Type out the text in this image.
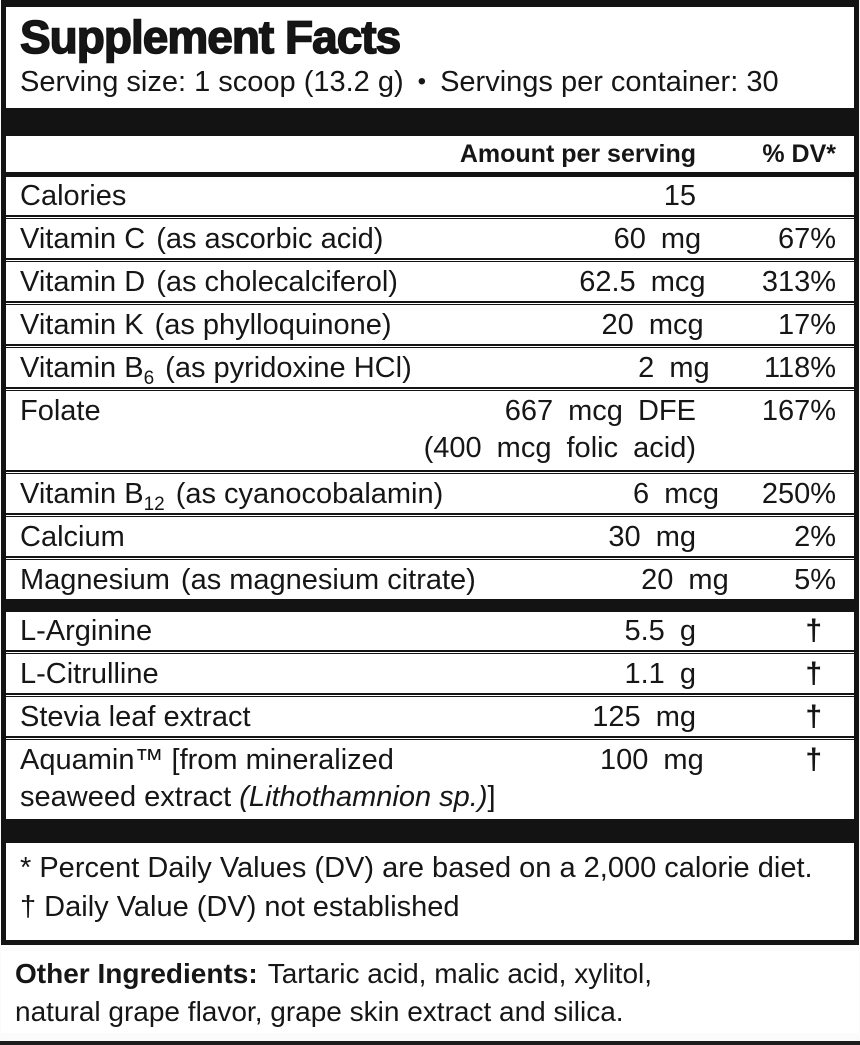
Supplement Facts
Serving size: 1 scoop (13.2 g) • Servings per container: 30
Amount per serving	% DV*
Calories	15
Vitamin C (as ascorbic acid)	60 mg	67%
Vitamin D (as cholecalciferol)	62.5 mcg	313%
Vitamin K (as phylloquinone)	20 mcg	17%
Vitamin $B_6$ (as pyridoxine HCl)	2 mg	118%
Folate	667 mcg DFE	167%
(400 mcg folic acid)
Vitamin $B_{12}$ (as cyanocobalamin)	6 mcg	250%
Calcium	30 mg	2%
Magnesium (as magnesium citrate)	20 mg	5%
L-Arginine	5.5 g	†
L-Citrulline	1.1 g	†
Stevia leaf extract	125 mg	†
Aquamin™ [from mineralized	100 mg	†
seaweed extract (Lithothamnion sp.)]
* Percent Daily Values (DV) are based on a 2,000 calorie diet.
† Daily Value (DV) not established
Other Ingredients: Tartaric acid, malic acid, xylitol,
natural grape flavor, grape skin extract and silica.
